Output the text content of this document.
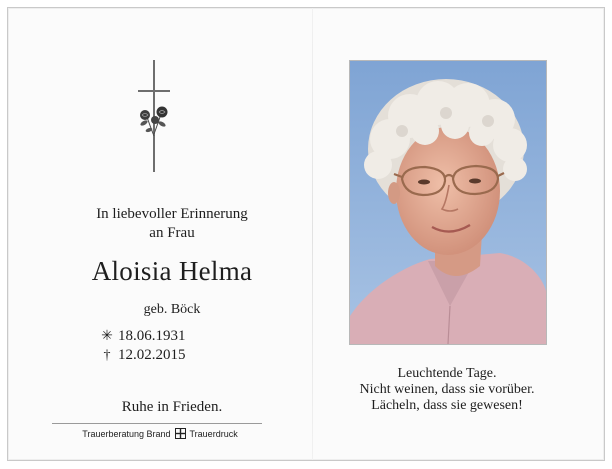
In liebevoller Erinnerung
an Frau
Aloisia Helma
geb. Böck
✳ 18.06.1931
† 12.02.2015
Ruhe in Frieden.
Trauerberatung Brand ☒ Trauerdruck
Leuchtende Tage.
Nicht weinen, dass sie vorüber.
Lächeln, dass sie gewesen!
